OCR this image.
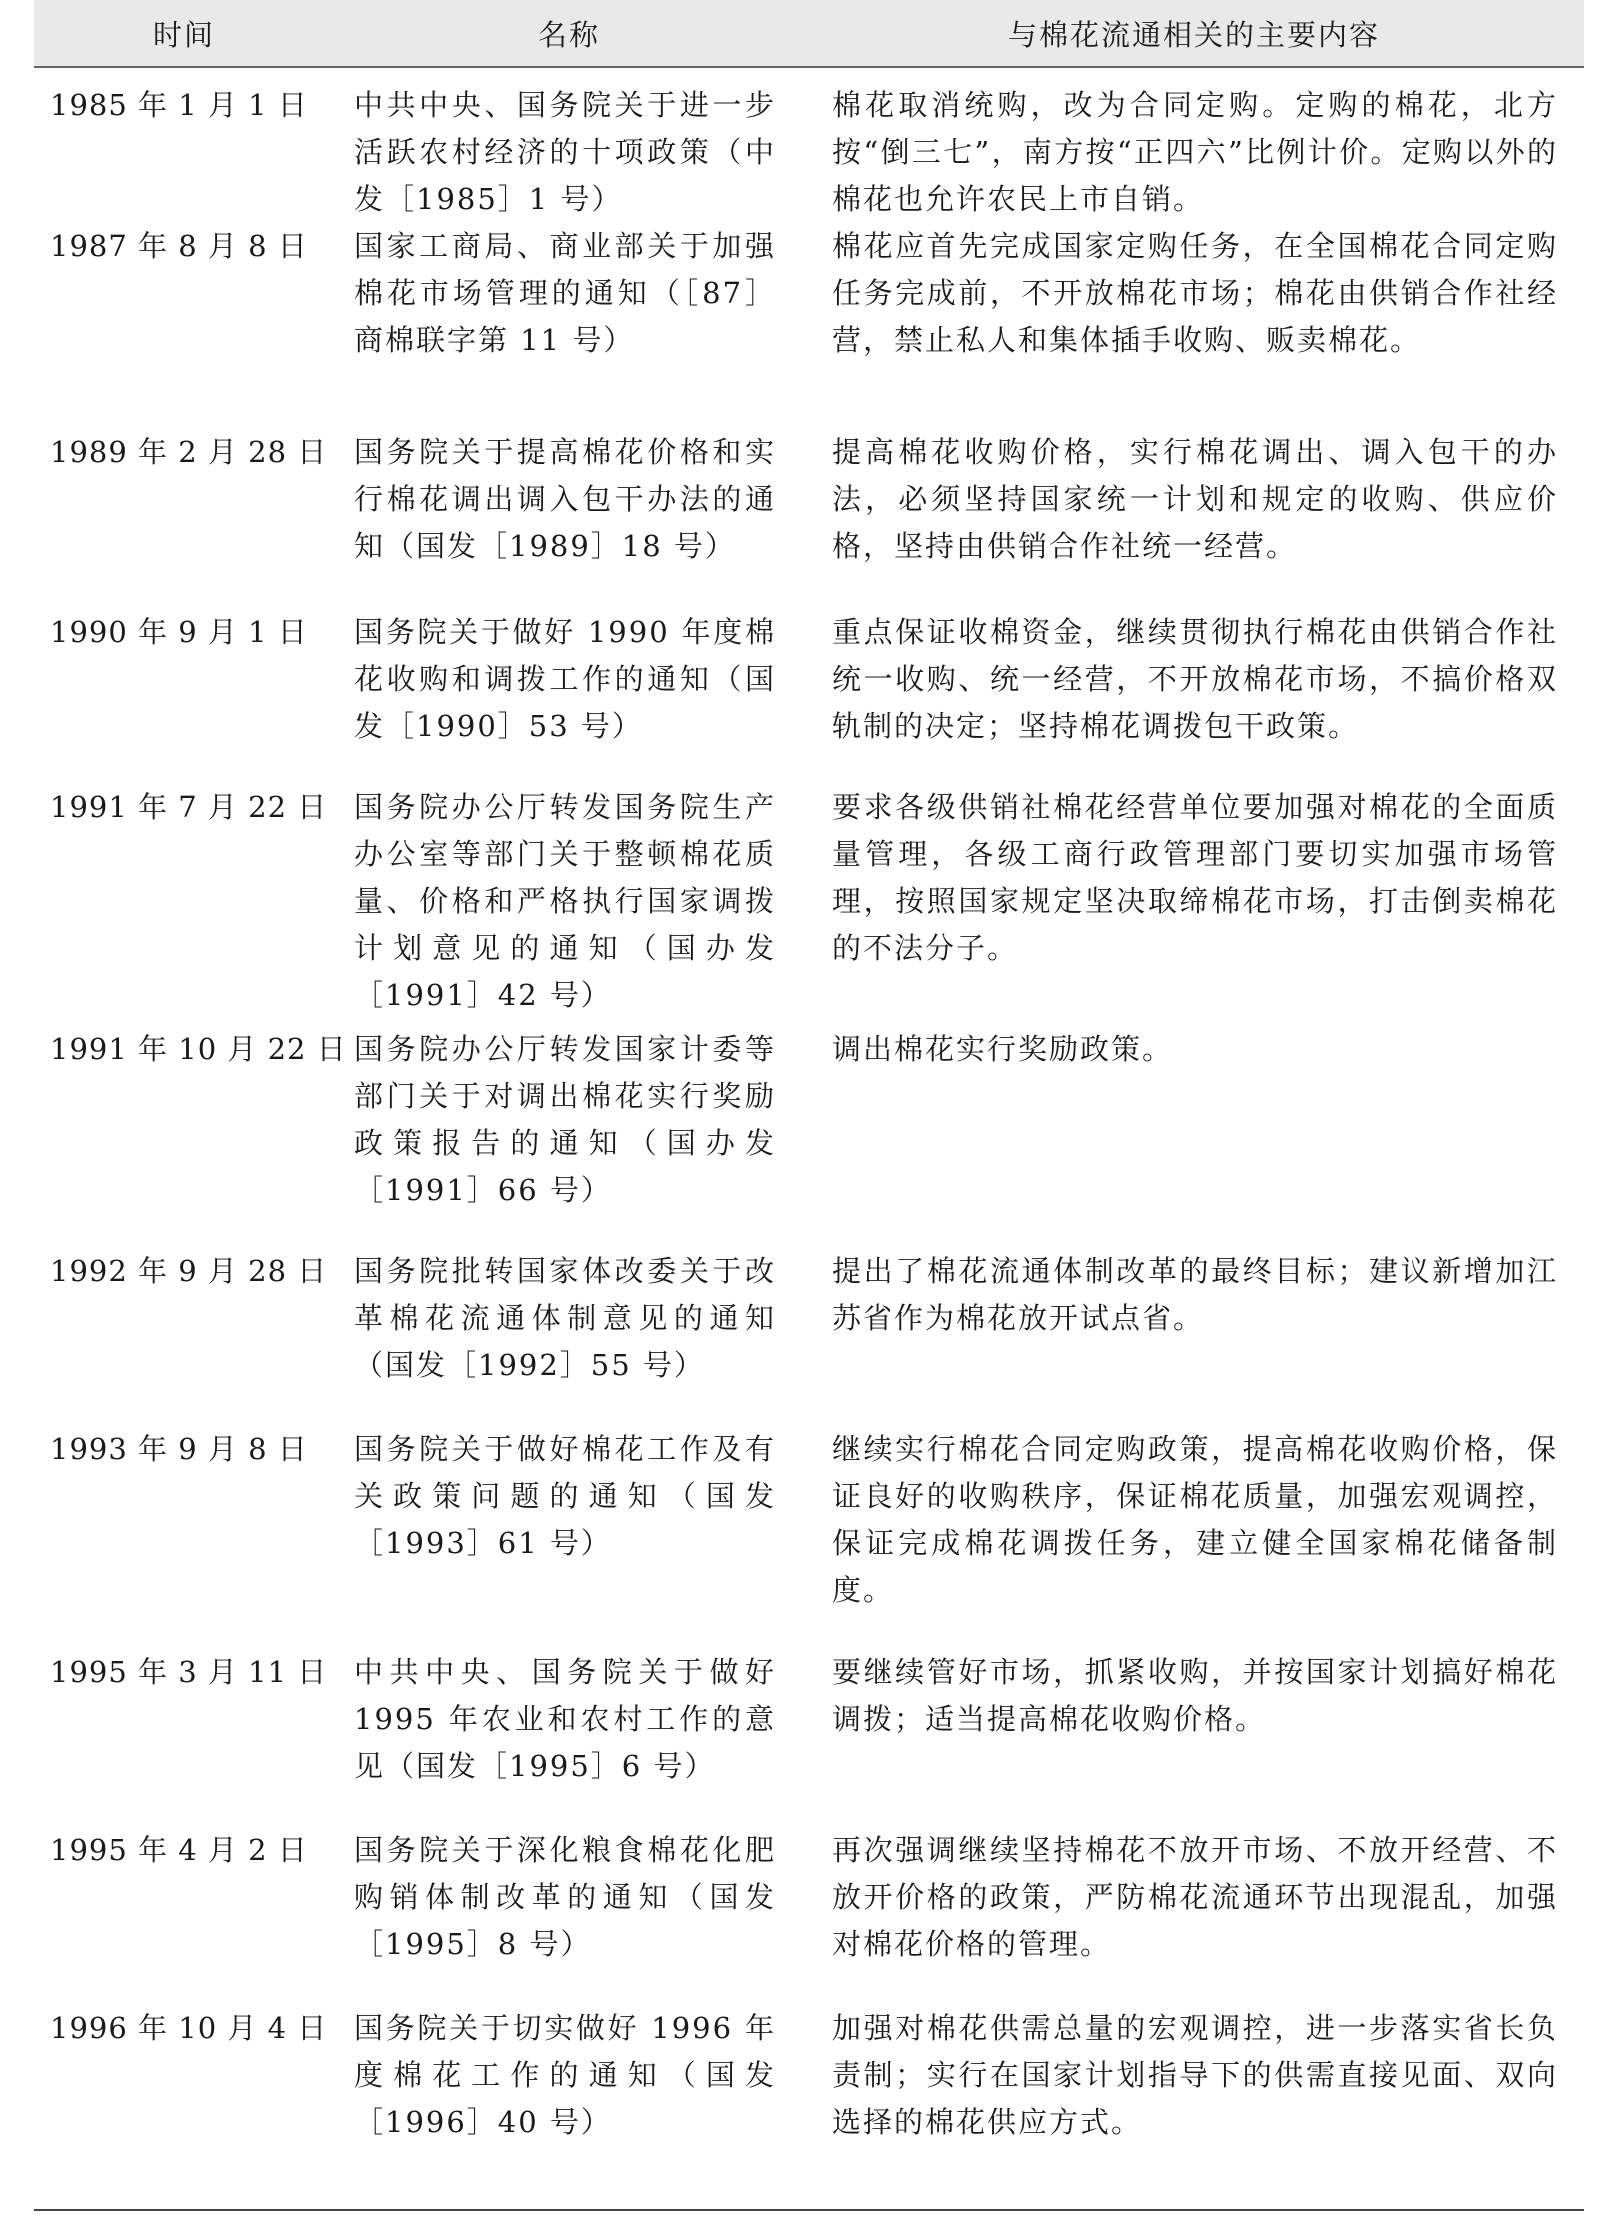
时间	名称	与棉花流通相关的主要内容
1985 年 1 月 1 日	中共中央、国务院关于进一步活跃农村经济的十项政策（中发［1985］1 号）	棉花取消统购，改为合同定购。定购的棉花，北方按“倒三七”，南方按“正四六”比例计价。定购以外的棉花也允许农民上市自销。
1987 年 8 月 8 日	国家工商局、商业部关于加强棉花市场管理的通知（［87］商棉联字第 11 号）	棉花应首先完成国家定购任务，在全国棉花合同定购任务完成前，不开放棉花市场；棉花由供销合作社经营，禁止私人和集体插手收购、贩卖棉花。
1989 年 2 月 28 日	国务院关于提高棉花价格和实行棉花调出调入包干办法的通知（国发［1989］18 号）	提高棉花收购价格，实行棉花调出、调入包干的办法，必须坚持国家统一计划和规定的收购、供应价格，坚持由供销合作社统一经营。
1990 年 9 月 1 日	国务院关于做好 1990 年度棉花收购和调拨工作的通知（国发［1990］53 号）	重点保证收棉资金，继续贯彻执行棉花由供销合作社统一收购、统一经营，不开放棉花市场，不搞价格双轨制的决定；坚持棉花调拨包干政策。
1991 年 7 月 22 日	国务院办公厅转发国务院生产办公室等部门关于整顿棉花质量、价格和严格执行国家调拨计划意见的通知（国办发［1991］42 号）	要求各级供销社棉花经营单位要加强对棉花的全面质量管理，各级工商行政管理部门要切实加强市场管理，按照国家规定坚决取缔棉花市场，打击倒卖棉花的不法分子。
1991 年 10 月 22 日	国务院办公厅转发国家计委等部门关于对调出棉花实行奖励政策报告的通知（国办发［1991］66 号）	调出棉花实行奖励政策。
1992 年 9 月 28 日	国务院批转国家体改委关于改革棉花流通体制意见的通知（国发［1992］55 号）	提出了棉花流通体制改革的最终目标；建议新增加江苏省作为棉花放开试点省。
1993 年 9 月 8 日	国务院关于做好棉花工作及有关政策问题的通知（国发［1993］61 号）	继续实行棉花合同定购政策，提高棉花收购价格，保证良好的收购秩序，保证棉花质量，加强宏观调控，保证完成棉花调拨任务，建立健全国家棉花储备制度。
1995 年 3 月 11 日	中共中央、国务院关于做好 1995 年农业和农村工作的意见（国发［1995］6 号）	要继续管好市场，抓紧收购，并按国家计划搞好棉花调拨；适当提高棉花收购价格。
1995 年 4 月 2 日	国务院关于深化粮食棉花化肥购销体制改革的通知（国发［1995］8 号）	再次强调继续坚持棉花不放开市场、不放开经营、不放开价格的政策，严防棉花流通环节出现混乱，加强对棉花价格的管理。
1996 年 10 月 4 日	国务院关于切实做好 1996 年度棉花工作的通知（国发［1996］40 号）	加强对棉花供需总量的宏观调控，进一步落实省长负责制；实行在国家计划指导下的供需直接见面、双向选择的棉花供应方式。
